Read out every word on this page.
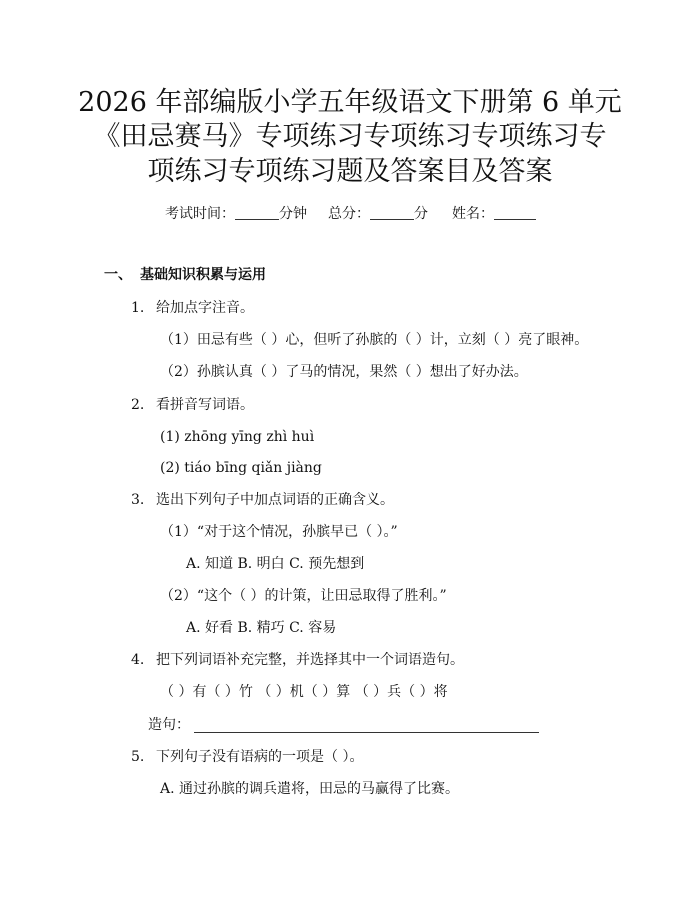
2026 年部编版小学五年级语文下册第 6 单元
《田忌赛马》专项练习专项练习专项练习专
项练习专项练习题及答案目及答案
考试时间：	分钟 总分：	分 姓名：
一、 基础知识积累与运用
1. 给加点字注音。
（1）田忌有些（ ）心，但听了孙膑的（ ）计，立刻（ ）亮了眼神。
（2）孙膑认真（ ）了马的情况，果然（ ）想出了好办法。
2. 看拼音写词语。
(1) zhōng yīng zhì huì
(2) tiáo bīng qiǎn jiàng
3. 选出下列句子中加点词语的正确含义。
（1）“对于这个情况，孙膑早已（ ）。”
A. 知道 B. 明白 C. 预先想到
（2）“这个（ ）的计策，让田忌取得了胜利。”
A. 好看 B. 精巧 C. 容易
4. 把下列词语补充完整，并选择其中一个词语造句。
（ ）有（ ）竹 （ ）机（ ）算 （ ）兵（ ）将
造句：
5. 下列句子没有语病的一项是（ ）。
A. 通过孙膑的调兵遣将，田忌的马赢得了比赛。
